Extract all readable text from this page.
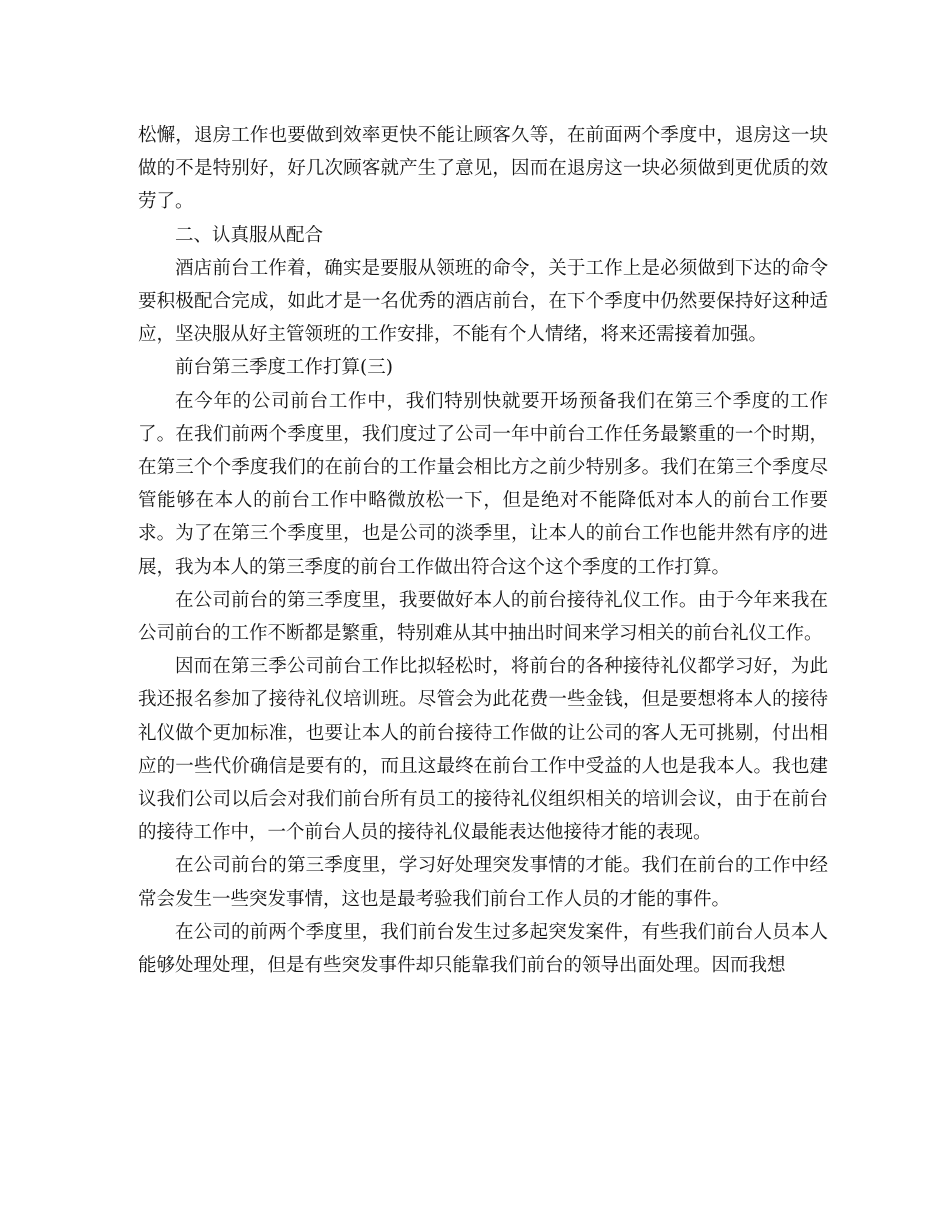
松懈，退房工作也要做到效率更快不能让顾客久等，在前面两个季度中，退房这一块做的不是特别好，好几次顾客就产生了意见，因而在退房这一块必须做到更优质的效劳了。

二、认真服从配合

酒店前台工作着，确实是要服从领班的命令，关于工作上是必须做到下达的命令要积极配合完成，如此才是一名优秀的酒店前台，在下个季度中仍然要保持好这种适应，坚决服从好主管领班的工作安排，不能有个人情绪，将来还需接着加强。

前台第三季度工作打算(三)

在今年的公司前台工作中，我们特别快就要开场预备我们在第三个季度的工作了。在我们前两个季度里，我们度过了公司一年中前台工作任务最繁重的一个时期，在第三个个季度我们的在前台的工作量会相比方之前少特别多。我们在第三个季度尽管能够在本人的前台工作中略微放松一下，但是绝对不能降低对本人的前台工作要求。为了在第三个季度里，也是公司的淡季里，让本人的前台工作也能井然有序的进展，我为本人的第三季度的前台工作做出符合这个这个季度的工作打算。

在公司前台的第三季度里，我要做好本人的前台接待礼仪工作。由于今年来我在公司前台的工作不断都是繁重，特别难从其中抽出时间来学习相关的前台礼仪工作。

因而在第三季公司前台工作比拟轻松时，将前台的各种接待礼仪都学习好，为此我还报名参加了接待礼仪培训班。尽管会为此花费一些金钱，但是要想将本人的接待礼仪做个更加标准，也要让本人的前台接待工作做的让公司的客人无可挑剔，付出相应的一些代价确信是要有的，而且这最终在前台工作中受益的人也是我本人。我也建议我们公司以后会对我们前台所有员工的接待礼仪组织相关的培训会议，由于在前台的接待工作中，一个前台人员的接待礼仪最能表达他接待才能的表现。

在公司前台的第三季度里，学习好处理突发事情的才能。我们在前台的工作中经常会发生一些突发事情，这也是最考验我们前台工作人员的才能的事件。

在公司的前两个季度里，我们前台发生过多起突发案件，有些我们前台人员本人能够处理处理，但是有些突发事件却只能靠我们前台的领导出面处理。因而我想
